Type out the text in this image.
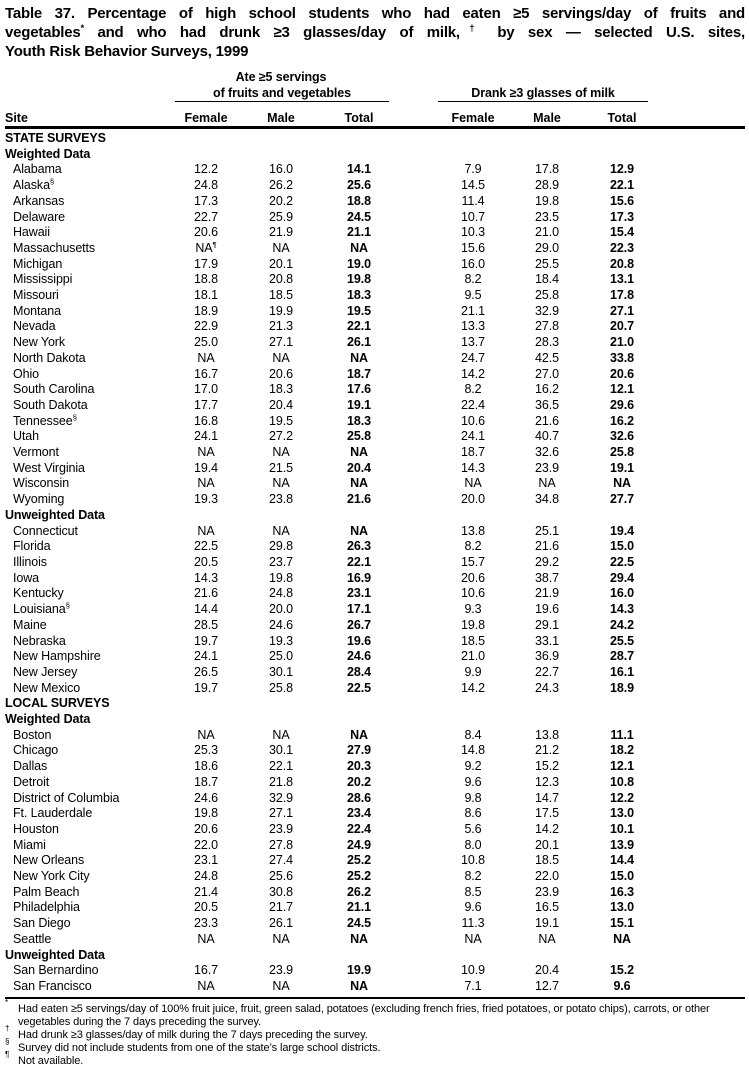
Table 37. Percentage of high school students who had eaten ≥5 servings/day of fruits and
vegetables* and who had drunk ≥3 glasses/day of milk,† by sex — selected U.S. sites,
Youth Risk Behavior Surveys, 1999
Ate ≥5 servings
of fruits and vegetables	Drank ≥3 glasses of milk
Site	Female	Male	Total	Female	Male	Total
STATE SURVEYS
Weighted Data
Alabama	12.2	16.0	14.1	7.9	17.8	12.9
Alaska§	24.8	26.2	25.6	14.5	28.9	22.1
Arkansas	17.3	20.2	18.8	11.4	19.8	15.6
Delaware	22.7	25.9	24.5	10.7	23.5	17.3
Hawaii	20.6	21.9	21.1	10.3	21.0	15.4
Massachusetts	NA¶	NA	NA	15.6	29.0	22.3
Michigan	17.9	20.1	19.0	16.0	25.5	20.8
Mississippi	18.8	20.8	19.8	8.2	18.4	13.1
Missouri	18.1	18.5	18.3	9.5	25.8	17.8
Montana	18.9	19.9	19.5	21.1	32.9	27.1
Nevada	22.9	21.3	22.1	13.3	27.8	20.7
New York	25.0	27.1	26.1	13.7	28.3	21.0
North Dakota	NA	NA	NA	24.7	42.5	33.8
Ohio	16.7	20.6	18.7	14.2	27.0	20.6
South Carolina	17.0	18.3	17.6	8.2	16.2	12.1
South Dakota	17.7	20.4	19.1	22.4	36.5	29.6
Tennessee§	16.8	19.5	18.3	10.6	21.6	16.2
Utah	24.1	27.2	25.8	24.1	40.7	32.6
Vermont	NA	NA	NA	18.7	32.6	25.8
West Virginia	19.4	21.5	20.4	14.3	23.9	19.1
Wisconsin	NA	NA	NA	NA	NA	NA
Wyoming	19.3	23.8	21.6	20.0	34.8	27.7
Unweighted Data
Connecticut	NA	NA	NA	13.8	25.1	19.4
Florida	22.5	29.8	26.3	8.2	21.6	15.0
Illinois	20.5	23.7	22.1	15.7	29.2	22.5
Iowa	14.3	19.8	16.9	20.6	38.7	29.4
Kentucky	21.6	24.8	23.1	10.6	21.9	16.0
Louisiana§	14.4	20.0	17.1	9.3	19.6	14.3
Maine	28.5	24.6	26.7	19.8	29.1	24.2
Nebraska	19.7	19.3	19.6	18.5	33.1	25.5
New Hampshire	24.1	25.0	24.6	21.0	36.9	28.7
New Jersey	26.5	30.1	28.4	9.9	22.7	16.1
New Mexico	19.7	25.8	22.5	14.2	24.3	18.9
LOCAL SURVEYS
Weighted Data
Boston	NA	NA	NA	8.4	13.8	11.1
Chicago	25.3	30.1	27.9	14.8	21.2	18.2
Dallas	18.6	22.1	20.3	9.2	15.2	12.1
Detroit	18.7	21.8	20.2	9.6	12.3	10.8
District of Columbia	24.6	32.9	28.6	9.8	14.7	12.2
Ft. Lauderdale	19.8	27.1	23.4	8.6	17.5	13.0
Houston	20.6	23.9	22.4	5.6	14.2	10.1
Miami	22.0	27.8	24.9	8.0	20.1	13.9
New Orleans	23.1	27.4	25.2	10.8	18.5	14.4
New York City	24.8	25.6	25.2	8.2	22.0	15.0
Palm Beach	21.4	30.8	26.2	8.5	23.9	16.3
Philadelphia	20.5	21.7	21.1	9.6	16.5	13.0
San Diego	23.3	26.1	24.5	11.3	19.1	15.1
Seattle	NA	NA	NA	NA	NA	NA
Unweighted Data
San Bernardino	16.7	23.9	19.9	10.9	20.4	15.2
San Francisco	NA	NA	NA	7.1	12.7	9.6
*Had eaten ≥5 servings/day of 100% fruit juice, fruit, green salad, potatoes (excluding french fries, fried potatoes, or potato chips), carrots, or other vegetables during the 7 days preceding the survey.
†Had drunk ≥3 glasses/day of milk during the 7 days preceding the survey.
§Survey did not include students from one of the state’s large school districts.
¶Not available.
